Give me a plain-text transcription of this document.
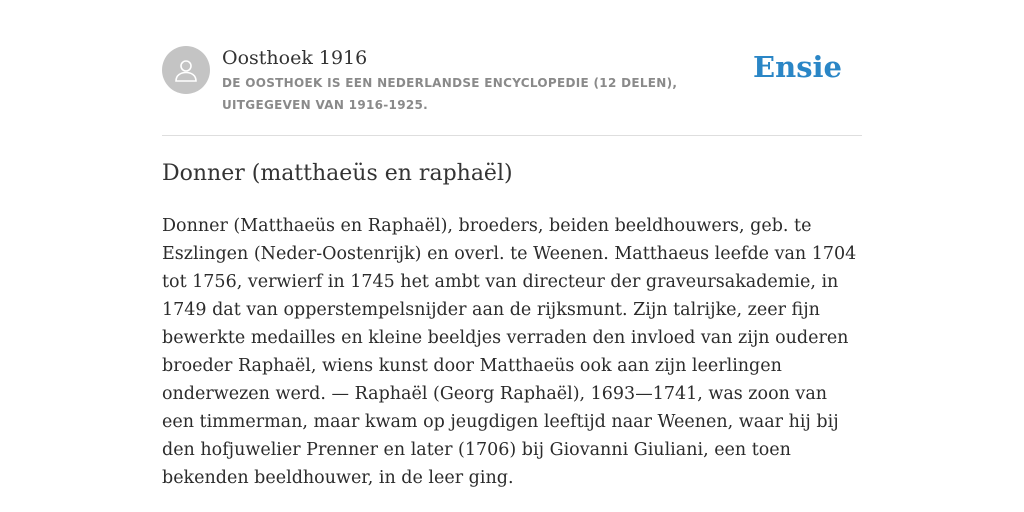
Oosthoek 1916
DE OOSTHOEK IS EEN NEDERLANDSE ENCYCLOPEDIE (12 DELEN), UITGEGEVEN VAN 1916-1925.
Ensie
Donner (matthaeüs en raphaël)

Donner (Matthaeüs en Raphaël), broeders, beiden beeldhouwers, geb. te Eszlingen (Neder-Oostenrijk) en overl. te Weenen. Matthaeus leefde van 1704 tot 1756, verwierf in 1745 het ambt van directeur der graveursakademie, in 1749 dat van opperstempelsnijder aan de rijksmunt. Zijn talrijke, zeer fijn bewerkte medailles en kleine beeldjes verraden den invloed van zijn ouderen broeder Raphaël, wiens kunst door Matthaeüs ook aan zijn leerlingen onderwezen werd. — Raphaël (Georg Raphaël), 1693—1741, was zoon van een timmerman, maar kwam op jeugdigen leeftijd naar Weenen, waar hij bij den hofjuwelier Prenner en later (1706) bij Giovanni Giuliani, een toen bekenden beeldhouwer, in de leer ging.
